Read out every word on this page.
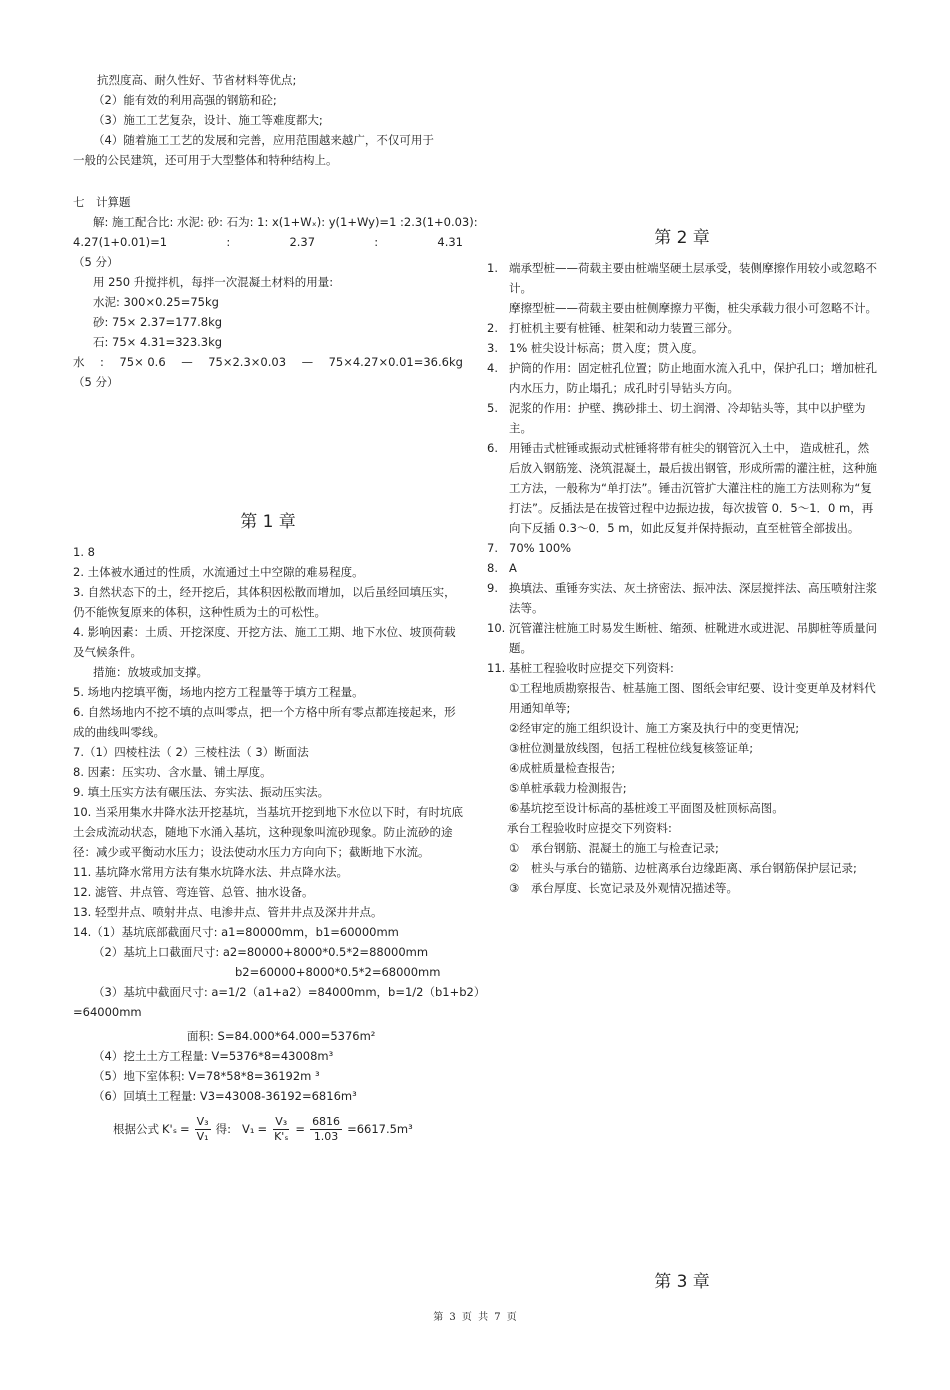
抗烈度高、耐久性好、节省材料等优点;
（2）能有效的利用高强的钢筋和砼;
（3）施工工艺复杂，设计、施工等难度都大;
（4）随着施工工艺的发展和完善，应用范围越来越广，不仅可用于
一般的公民建筑，还可用于大型整体和特种结构上。
七　计算题
解: 施工配合比: 水泥: 砂: 石为: 1: x(1+Wₓ): y(1+Wy)=1 :2.3(1+0.03):
4.27(1+0.01)=1	:	2.37	:	4.31
（5 分）
用 250 升搅拌机，每拌一次混凝土材料的用量:
水泥: 300×0.25=75kg
砂: 75× 2.37=177.8kg
石: 75× 4.31=323.3kg
水 : 75× 0.6 — 75×2.3×0.03 — 75×4.27×0.01=36.6kg
（5 分）
第 1 章
1. 8
2. 土体被水通过的性质，水流通过土中空隙的难易程度。
3. 自然状态下的土，经开挖后，其体积因松散而增加，以后虽经回填压实，仍不能恢复原来的体积，这种性质为土的可松性。
4. 影响因素：土质、开挖深度、开挖方法、施工工期、地下水位、坡顶荷载及气候条件。
措施：放坡或加支撑。
5. 场地内挖填平衡，场地内挖方工程量等于填方工程量。
6. 自然场地内不挖不填的点叫零点，把一个方格中所有零点都连接起来，形成的曲线叫零线。
7.（1）四棱柱法（ 2）三棱柱法（ 3）断面法
8. 因素：压实功、含水量、铺土厚度。
9. 填土压实方法有碾压法、夯实法、振动压实法。
10. 当采用集水井降水法开挖基坑，当基坑开挖到地下水位以下时，有时坑底土会成流动状态，随地下水涌入基坑，这种现象叫流砂现象。防止流砂的途径：减少或平衡动水压力；设法使动水压力方向向下；截断地下水流。
11. 基坑降水常用方法有集水坑降水法、井点降水法。
12. 滤管、井点管、弯连管、总管、抽水设备。
13. 轻型井点、喷射井点、电渗井点、管井井点及深井井点。
14.（1）基坑底部截面尺寸: a1=80000mm，b1=60000mm
（2）基坑上口截面尺寸: a2=80000+8000*0.5*2=88000mm
b2=60000+8000*0.5*2=68000mm
（3）基坑中截面尺寸: a=1/2（a1+a2）=84000mm，b=1/2（b1+b2）
=64000mm
面积: S=84.000*64.000=5376m²
（4）挖土土方工程量: V=5376*8=43008m³
（5）地下室体积: V=78*58*8=36192m ³
（6）回填土工程量: V3=43008-36192=6816m³
根据公式 $K'_s = \frac{\text{V₃}}{\text{V₁}}$ 得: $V_1 = \frac{\text{V₃}}{\text{K'ₛ}} = \frac{6816}{1.03} =6617.5m^3$
第 2 章
1. 端承型桩——荷载主要由桩端坚硬土层承受，装侧摩擦作用较小或忽略不计。
摩擦型桩——荷载主要由桩侧摩擦力平衡，桩尖承载力很小可忽略不计。
2. 打桩机主要有桩锤、桩架和动力装置三部分。
3. 1% 桩尖设计标高；贯入度；贯入度。
4. 护筒的作用：固定桩孔位置；防止地面水流入孔中，保护孔口；增加桩孔内水压力，防止塌孔；成孔时引导钻头方向。
5. 泥浆的作用：护壁、携砂排土、切土润滑、冷却钻头等，其中以护壁为主。
6. 用锤击式桩锤或振动式桩锤将带有桩尖的钢管沉入土中， 造成桩孔，然后放入钢筋笼、浇筑混凝土，最后拔出钢管，形成所需的灌注桩，这种施工方法，一般称为“单打法”。锤击沉管扩大灌注柱的施工方法则称为“复打法”。反插法是在拔管过程中边振边拔，每次拔管 0．5～1．0 m，再向下反插 0.3～0．5 m，如此反复并保持振动，直至桩管全部拔出。
7. 70% 100%
8. A
9. 换填法、重锤夯实法、灰土挤密法、振冲法、深层搅拌法、高压喷射注浆法等。
10. 沉管灌注桩施工时易发生断桩、缩颈、桩靴进水或进泥、吊脚桩等质量问题。
11. 基桩工程验收时应提交下列资料:
①工程地质勘察报告、桩基施工图、图纸会审纪要、设计变更单及材料代用通知单等;
②经审定的施工组织设计、施工方案及执行中的变更情况;
③桩位测量放线图，包括工程桩位线复核签证单;
④成桩质量检查报告;
⑤单桩承载力检测报告;
⑥基坑挖至设计标高的基桩竣工平面图及桩顶标高图。
承台工程验收时应提交下列资料:
① 承台钢筋、混凝土的施工与检查记录;
② 桩头与承台的锚筋、边桩离承台边缘距离、承台钢筋保护层记录;
③ 承台厚度、长宽记录及外观情况描述等。
第 3 章
第 3 页 共 7 页
